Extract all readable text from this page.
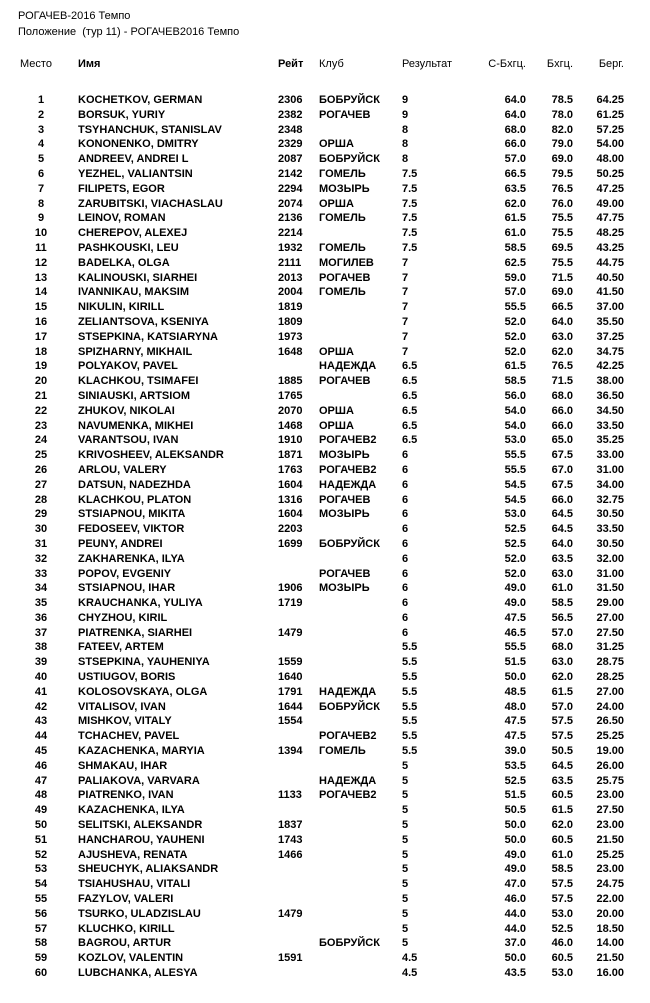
РОГАЧЕВ-2016 Темпо
Положение  (тур 11) - РОГАЧЕВ2016 Темпо
Место	Имя	Рейт	Клуб	Результат	С-Бхгц.	Бхгц.	Берг.
1	KOCHETKOV, GERMAN	2306	БОБРУЙСК	9	64.0	78.5	64.25
2	BORSUK, YURIY	2382	РОГАЧЕВ	9	64.0	78.0	61.25
3	TSYHANCHUK, STANISLAV	2348		8	68.0	82.0	57.25
4	KONONENKO, DMITRY	2329	ОРША	8	66.0	79.0	54.00
5	ANDREEV, ANDREI L	2087	БОБРУЙСК	8	57.0	69.0	48.00
6	YEZHEL, VALIANTSIN	2142	ГОМЕЛЬ	7.5	66.5	79.5	50.25
7	FILIPETS, EGOR	2294	МОЗЫРЬ	7.5	63.5	76.5	47.25
8	ZARUBITSKI, VIACHASLAU	2074	ОРША	7.5	62.0	76.0	49.00
9	LEINOV, ROMAN	2136	ГОМЕЛЬ	7.5	61.5	75.5	47.75
10	CHEREPOV, ALEXEJ	2214		7.5	61.0	75.5	48.25
11	PASHKOUSKI, LEU	1932	ГОМЕЛЬ	7.5	58.5	69.5	43.25
12	BADELKA, OLGA	2111	МОГИЛЕВ	7	62.5	75.5	44.75
13	KALINOUSKI, SIARHEI	2013	РОГАЧЕВ	7	59.0	71.5	40.50
14	IVANNIKAU, MAKSIM	2004	ГОМЕЛЬ	7	57.0	69.0	41.50
15	NIKULIN, KIRILL	1819		7	55.5	66.5	37.00
16	ZELIANTSOVA, KSENIYA	1809		7	52.0	64.0	35.50
17	STSEPKINA, KATSIARYNA	1973		7	52.0	63.0	37.25
18	SPIZHARNY, MIKHAIL	1648	ОРША	7	52.0	62.0	34.75
19	POLYAKOV, PAVEL		НАДЕЖДА	6.5	61.5	76.5	42.25
20	KLACHKOU, TSIMAFEI	1885	РОГАЧЕВ	6.5	58.5	71.5	38.00
21	SINIAUSKI, ARTSIOM	1765		6.5	56.0	68.0	36.50
22	ZHUKOV, NIKOLAI	2070	ОРША	6.5	54.0	66.0	34.50
23	NAVUMENKA, MIKHEI	1468	ОРША	6.5	54.0	66.0	33.50
24	VARANTSOU, IVAN	1910	РОГАЧЕВ2	6.5	53.0	65.0	35.25
25	KRIVOSHEEV, ALEKSANDR	1871	МОЗЫРЬ	6	55.5	67.5	33.00
26	ARLOU, VALERY	1763	РОГАЧЕВ2	6	55.5	67.0	31.00
27	DATSUN, NADEZHDA	1604	НАДЕЖДА	6	54.5	67.5	34.00
28	KLACHKOU, PLATON	1316	РОГАЧЕВ	6	54.5	66.0	32.75
29	STSIAPNOU, MIKITA	1604	МОЗЫРЬ	6	53.0	64.5	30.50
30	FEDOSEEV, VIKTOR	2203		6	52.5	64.5	33.50
31	PEUNY, ANDREI	1699	БОБРУЙСК	6	52.5	64.0	30.50
32	ZAKHARENKA, ILYA			6	52.0	63.5	32.00
33	POPOV, EVGENIY		РОГАЧЕВ	6	52.0	63.0	31.00
34	STSIAPNOU, IHAR	1906	МОЗЫРЬ	6	49.0	61.0	31.50
35	KRAUCHANKA, YULIYA	1719		6	49.0	58.5	29.00
36	CHYZHOU, KIRIL			6	47.5	56.5	27.00
37	PIATRENKA, SIARHEI	1479		6	46.5	57.0	27.50
38	FATEEV, ARTEM			5.5	55.5	68.0	31.25
39	STSEPKINA, YAUHENIYA	1559		5.5	51.5	63.0	28.75
40	USTIUGOV, BORIS	1640		5.5	50.0	62.0	28.25
41	KOLOSOVSKAYA, OLGA	1791	НАДЕЖДА	5.5	48.5	61.5	27.00
42	VITALISOV, IVAN	1644	БОБРУЙСК	5.5	48.0	57.0	24.00
43	MISHKOV, VITALY	1554		5.5	47.5	57.5	26.50
44	TCHACHEV, PAVEL		РОГАЧЕВ2	5.5	47.5	57.5	25.25
45	KAZACHENKA, MARYIA	1394	ГОМЕЛЬ	5.5	39.0	50.5	19.00
46	SHMAKAU, IHAR			5	53.5	64.5	26.00
47	PALIAKOVA, VARVARA		НАДЕЖДА	5	52.5	63.5	25.75
48	PIATRENKO, IVAN	1133	РОГАЧЕВ2	5	51.5	60.5	23.00
49	KAZACHENKA, ILYA			5	50.5	61.5	27.50
50	SELITSKI, ALEKSANDR	1837		5	50.0	62.0	23.00
51	HANCHAROU, YAUHENI	1743		5	50.0	60.5	21.50
52	AJUSHEVA, RENATA	1466		5	49.0	61.0	25.25
53	SHEUCHYK, ALIAKSANDR			5	49.0	58.5	23.00
54	TSIAHUSHAU, VITALI			5	47.0	57.5	24.75
55	FAZYLOV, VALERI			5	46.0	57.5	22.00
56	TSURKO, ULADZISLAU	1479		5	44.0	53.0	20.00
57	KLUCHKO, KIRILL			5	44.0	52.5	18.50
58	BAGROU, ARTUR		БОБРУЙСК	5	37.0	46.0	14.00
59	KOZLOV, VALENTIN	1591		4.5	50.0	60.5	21.50
60	LUBCHANKA, ALESYA			4.5	43.5	53.0	16.00
